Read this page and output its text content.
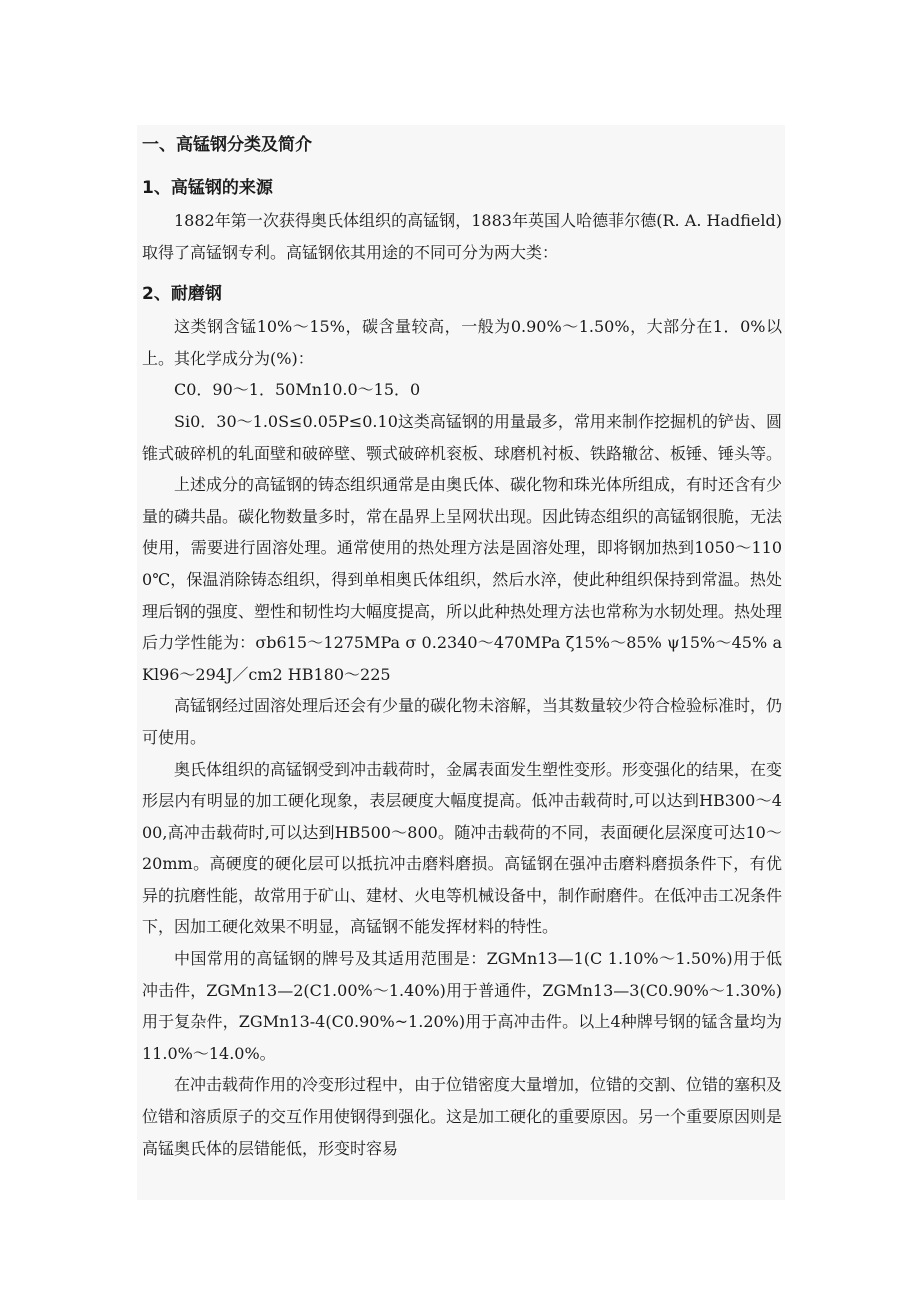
一、高锰钢分类及简介

1、高锰钢的来源

1882年第一次获得奥氏体组织的高锰钢，1883年英国人哈德菲尔德(R. A. Hadfield)取得了高锰钢专利。高锰钢依其用途的不同可分为两大类：

2、耐磨钢

这类钢含锰10%～15%，碳含量较高，一般为0.90%～1.50%，大部分在1．0%以上。其化学成分为(%)：

C0．90～1．50Mn10.0～15．0

Si0．30～1.0S≤0.05P≤0.10这类高锰钢的用量最多，常用来制作挖掘机的铲齿、圆锥式破碎机的轧面壁和破碎壁、颚式破碎机衮板、球磨机衬板、铁路辙岔、板锤、锤头等。

上述成分的高锰钢的铸态组织通常是由奥氏体、碳化物和珠光体所组成，有时还含有少量的磷共晶。碳化物数量多时，常在晶界上呈网状出现。因此铸态组织的高锰钢很脆，无法使用，需要进行固溶处理。通常使用的热处理方法是固溶处理，即将钢加热到1050～1100℃，保温消除铸态组织，得到单相奥氏体组织，然后水淬，使此种组织保持到常温。热处理后钢的强度、塑性和韧性均大幅度提高，所以此种热处理方法也常称为水韧处理。热处理后力学性能为：σb615～1275MPa σ 0.2340～470MPa ζ15%～85% ψ15%～45% aKl96～294J／cm2 HB180～225

高锰钢经过固溶处理后还会有少量的碳化物未溶解，当其数量较少符合检验标准时，仍可使用。

奥氏体组织的高锰钢受到冲击载荷时，金属表面发生塑性变形。形变强化的结果，在变形层内有明显的加工硬化现象，表层硬度大幅度提高。低冲击载荷时,可以达到HB300～400,高冲击载荷时,可以达到HB500～800。随冲击载荷的不同，表面硬化层深度可达10～20mm。高硬度的硬化层可以抵抗冲击磨料磨损。高锰钢在强冲击磨料磨损条件下，有优异的抗磨性能，故常用于矿山、建材、火电等机械设备中，制作耐磨件。在低冲击工况条件下，因加工硬化效果不明显，高锰钢不能发挥材料的特性。

中国常用的高锰钢的牌号及其适用范围是：ZGMn13—1(C 1.10%～1.50%)用于低冲击件，ZGMn13—2(C1.00%～1.40%)用于普通件，ZGMn13—3(C0.90%～1.30%)用于复杂件，ZGMn13-4(C0.90%~1.20%)用于高冲击件。以上4种牌号钢的锰含量均为11.0%～14.0%。

在冲击载荷作用的冷变形过程中，由于位错密度大量增加，位错的交割、位错的塞积及位错和溶质原子的交互作用使钢得到强化。这是加工硬化的重要原因。另一个重要原因则是高锰奥氏体的层错能低，形变时容易
